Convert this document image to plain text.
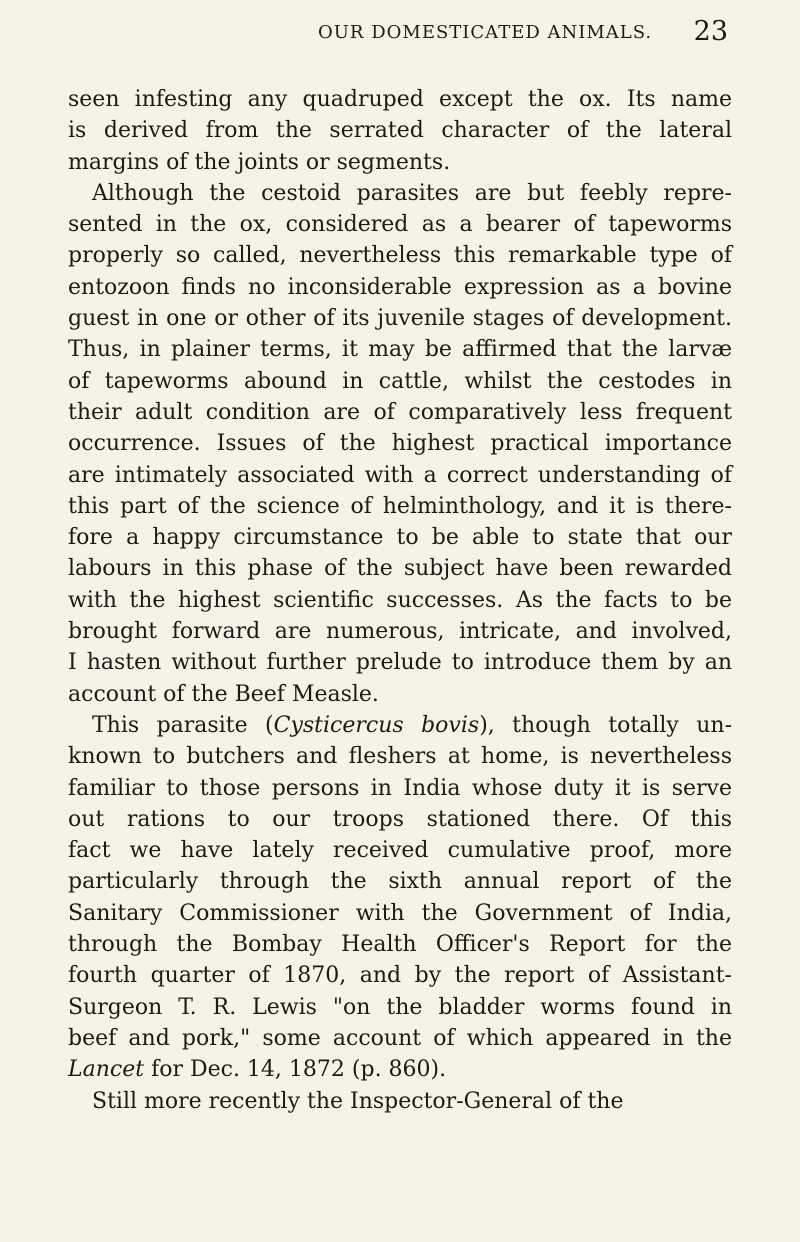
OUR DOMESTICATED ANIMALS. 23
seen infesting any quadruped except the ox. Its name
is derived from the serrated character of the lateral
margins of the joints or segments.
Although the cestoid parasites are but feebly repre-
sented in the ox, considered as a bearer of tapeworms
properly so called, nevertheless this remarkable type of
entozoon finds no inconsiderable expression as a bovine
guest in one or other of its juvenile stages of development.
Thus, in plainer terms, it may be affirmed that the larvæ
of tapeworms abound in cattle, whilst the cestodes in
their adult condition are of comparatively less frequent
occurrence. Issues of the highest practical importance
are intimately associated with a correct understanding of
this part of the science of helminthology, and it is there-
fore a happy circumstance to be able to state that our
labours in this phase of the subject have been rewarded
with the highest scientific successes. As the facts to be
brought forward are numerous, intricate, and involved,
I hasten without further prelude to introduce them by an
account of the Beef Measle.
This parasite (Cysticercus bovis), though totally un-
known to butchers and fleshers at home, is nevertheless
familiar to those persons in India whose duty it is serve
out rations to our troops stationed there. Of this
fact we have lately received cumulative proof, more
particularly through the sixth annual report of the
Sanitary Commissioner with the Government of India,
through the Bombay Health Officer's Report for the
fourth quarter of 1870, and by the report of Assistant-
Surgeon T. R. Lewis "on the bladder worms found in
beef and pork," some account of which appeared in the
Lancet for Dec. 14, 1872 (p. 860).
Still more recently the Inspector-General of the
